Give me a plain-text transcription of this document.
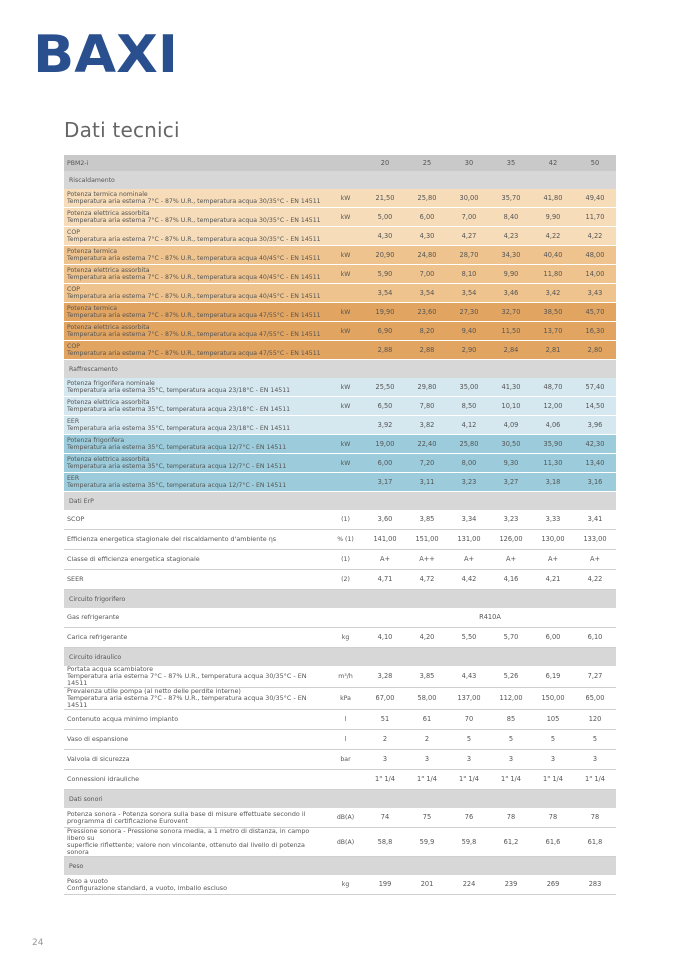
BAXI
Dati tecnici
PBM2-i		20	25	30	35	42	50
Riscaldamento							

Potenza termica nominale
Temperatura aria esterna 7°C - 87% U.R., temperatura acqua 30/35°C - EN 14511	kW	21,50	25,80	30,00	35,70	41,80	49,40

Potenza elettrica assorbita
Temperatura aria esterna 7°C - 87% U.R., temperatura acqua 30/35°C - EN 14511	kW	5,00	6,00	7,00	8,40	9,90	11,70

COP
Temperatura aria esterna 7°C - 87% U.R., temperatura acqua 30/35°C - EN 14511		4,30	4,30	4,27	4,23	4,22	4,22

Potenza termica
Temperatura aria esterna 7°C - 87% U.R., temperatura acqua 40/45°C - EN 14511	kW	20,90	24,80	28,70	34,30	40,40	48,00

Potenza elettrica assorbita
Temperatura aria esterna 7°C - 87% U.R., temperatura acqua 40/45°C - EN 14511	kW	5,90	7,00	8,10	9,90	11,80	14,00

COP
Temperatura aria esterna 7°C - 87% U.R., temperatura acqua 40/45°C - EN 14511		3,54	3,54	3,54	3,46	3,42	3,43

Potenza termica
Temperatura aria esterna 7°C - 87% U.R., temperatura acqua 47/55°C - EN 14511	kW	19,90	23,60	27,30	32,70	38,50	45,70

Potenza elettrica assorbita
Temperatura aria esterna 7°C - 87% U.R., temperatura acqua 47/55°C - EN 14511	kW	6,90	8,20	9,40	11,50	13,70	16,30

COP
Temperatura aria esterna 7°C - 87% U.R., temperatura acqua 47/55°C - EN 14511		2,88	2,88	2,90	2,84	2,81	2,80
Raffrescamento							

Potenza frigorifera nominale
Temperatura aria esterna 35°C, temperatura acqua 23/18°C - EN 14511	kW	25,50	29,80	35,00	41,30	48,70	57,40

Potenza elettrica assorbita
Temperatura aria esterna 35°C, temperatura acqua 23/18°C - EN 14511	kW	6,50	7,80	8,50	10,10	12,00	14,50

EER
Temperatura aria esterna 35°C, temperatura acqua 23/18°C - EN 14511		3,92	3,82	4,12	4,09	4,06	3,96

Potenza frigorifera
Temperatura aria esterna 35°C, temperatura acqua 12/7°C - EN 14511	kW	19,00	22,40	25,80	30,50	35,90	42,30

Potenza elettrica assorbita
Temperatura aria esterna 35°C, temperatura acqua 12/7°C - EN 14511	kW	6,00	7,20	8,00	9,30	11,30	13,40

EER
Temperatura aria esterna 35°C, temperatura acqua 12/7°C - EN 14511		3,17	3,11	3,23	3,27	3,18	3,16
Dati ErP							

SCOP	(1)	3,60	3,85	3,34	3,23	3,33	3,41

Efficienza energetica stagionale del riscaldamento d'ambiente ηs	% (1)	141,00	151,00	131,00	126,00	130,00	133,00

Classe di efficienza energetica stagionale	(1)	A+	A++	A+	A+	A+	A+

SEER	(2)	4,71	4,72	4,42	4,16	4,21	4,22
Circuito frigorifero							

Gas refrigerante		R410A					

Carica refrigerante	kg	4,10	4,20	5,50	5,70	6,00	6,10
Circuito idraulico							

Portata acqua scambiatore
Temperatura aria esterna 7°C - 87% U.R., temperatura acqua 30/35°C - EN 14511	m³/h	3,28	3,85	4,43	5,26	6,19	7,27

Prevalenza utile pompa (al netto delle perdite interne)
Temperatura aria esterna 7°C - 87% U.R., temperatura acqua 30/35°C - EN 14511	kPa	67,00	58,00	137,00	112,00	150,00	65,00

Contenuto acqua minimo impianto	l	51	61	70	85	105	120

Vaso di espansione	l	2	2	5	5	5	5

Valvola di sicurezza	bar	3	3	3	3	3	3

Connessioni idrauliche		1" 1/4	1" 1/4	1" 1/4	1" 1/4	1" 1/4	1" 1/4
Dati sonori							

Potenza sonora - Potenza sonora sulla base di misure effettuate secondo il
programma di certificazione Eurovent	dB(A)	74	75	76	78	78	78

Pressione sonora - Pressione sonora media, a 1 metro di distanza, in campo libero su
superficie riflettente; valore non vincolante, ottenuto dal livello di potenza sonora	dB(A)	58,8	59,9	59,8	61,2	61,6	61,8
Peso							

Peso a vuoto
Configurazione standard, a vuoto, imballo escluso	kg	199	201	224	239	269	283
24
